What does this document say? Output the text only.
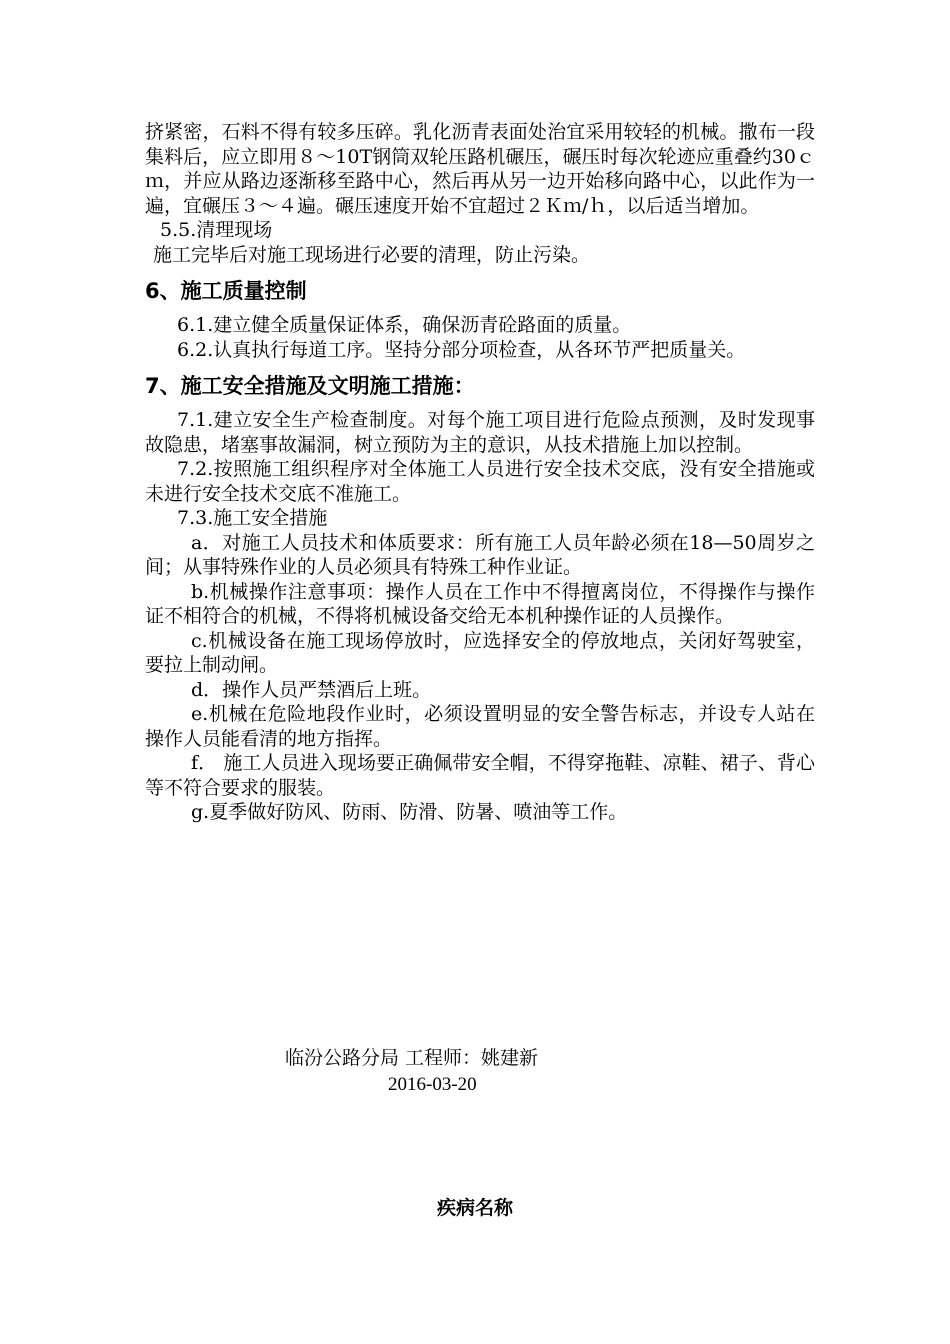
挤紧密，石料不得有较多压碎。乳化沥青表面处治宜采用较轻的机械。撒布一段集料后，应立即用８～10T钢筒双轮压路机碾压，碾压时每次轮迹应重叠约30ｃｍ，并应从路边逐渐移至路中心，然后再从另一边开始移向路中心，以此作为一遍，宜碾压３～４遍。碾压速度开始不宜超过２Ｋｍ/ｈ，以后适当增加。

5.5.清理现场

施工完毕后对施工现场进行必要的清理，防止污染。

6、施工质量控制

6.1.建立健全质量保证体系，确保沥青砼路面的质量。

6.2.认真执行每道工序。坚持分部分项检查，从各环节严把质量关。

7、施工安全措施及文明施工措施：

7.1.建立安全生产检查制度。对每个施工项目进行危险点预测，及时发现事故隐患，堵塞事故漏洞，树立预防为主的意识，从技术措施上加以控制。

7.2.按照施工组织程序对全体施工人员进行安全技术交底，没有安全措施或未进行安全技术交底不准施工。

7.3.施工安全措施

a．对施工人员技术和体质要求：所有施工人员年龄必须在18—50周岁之间；从事特殊作业的人员必须具有特殊工种作业证。

b.机械操作注意事项：操作人员在工作中不得擅离岗位，不得操作与操作证不相符合的机械，不得将机械设备交给无本机种操作证的人员操作。

c.机械设备在施工现场停放时，应选择安全的停放地点，关闭好驾驶室，要拉上制动闸。

d．操作人员严禁酒后上班。

e.机械在危险地段作业时，必须设置明显的安全警告标志，并设专人站在操作人员能看清的地方指挥。

f． 施工人员进入现场要正确佩带安全帽，不得穿拖鞋、凉鞋、裙子、背心等不符合要求的服装。

g.夏季做好防风、防雨、防滑、防暑、喷油等工作。

临汾公路分局 工程师：姚建新
2016-03-20
疾病名称
